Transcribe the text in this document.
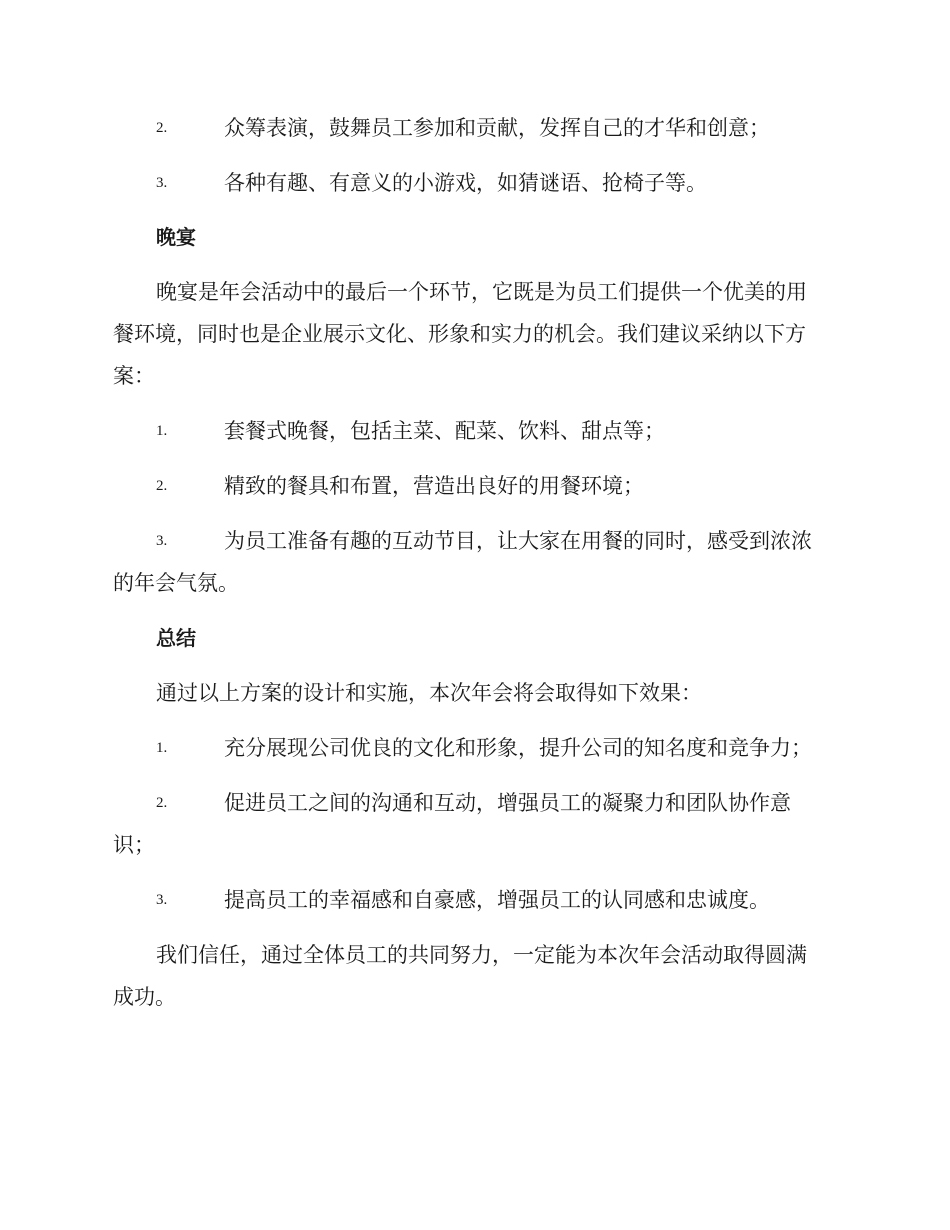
2.	众筹表演，鼓舞员工参加和贡献，发挥自己的才华和创意；
3.	各种有趣、有意义的小游戏，如猜谜语、抢椅子等。
晚宴
晚宴是年会活动中的最后一个环节，它既是为员工们提供一个优美的用
餐环境，同时也是企业展示文化、形象和实力的机会。我们建议采纳以下方
案：
1.	套餐式晚餐，包括主菜、配菜、饮料、甜点等；
2.	精致的餐具和布置，营造出良好的用餐环境；
3.	为员工准备有趣的互动节目，让大家在用餐的同时，感受到浓浓
的年会气氛。
总结
通过以上方案的设计和实施，本次年会将会取得如下效果：
1.	充分展现公司优良的文化和形象，提升公司的知名度和竞争力；
2.	促进员工之间的沟通和互动，增强员工的凝聚力和团队协作意
识；
3.	提高员工的幸福感和自豪感，增强员工的认同感和忠诚度。
我们信任，通过全体员工的共同努力，一定能为本次年会活动取得圆满
成功。
